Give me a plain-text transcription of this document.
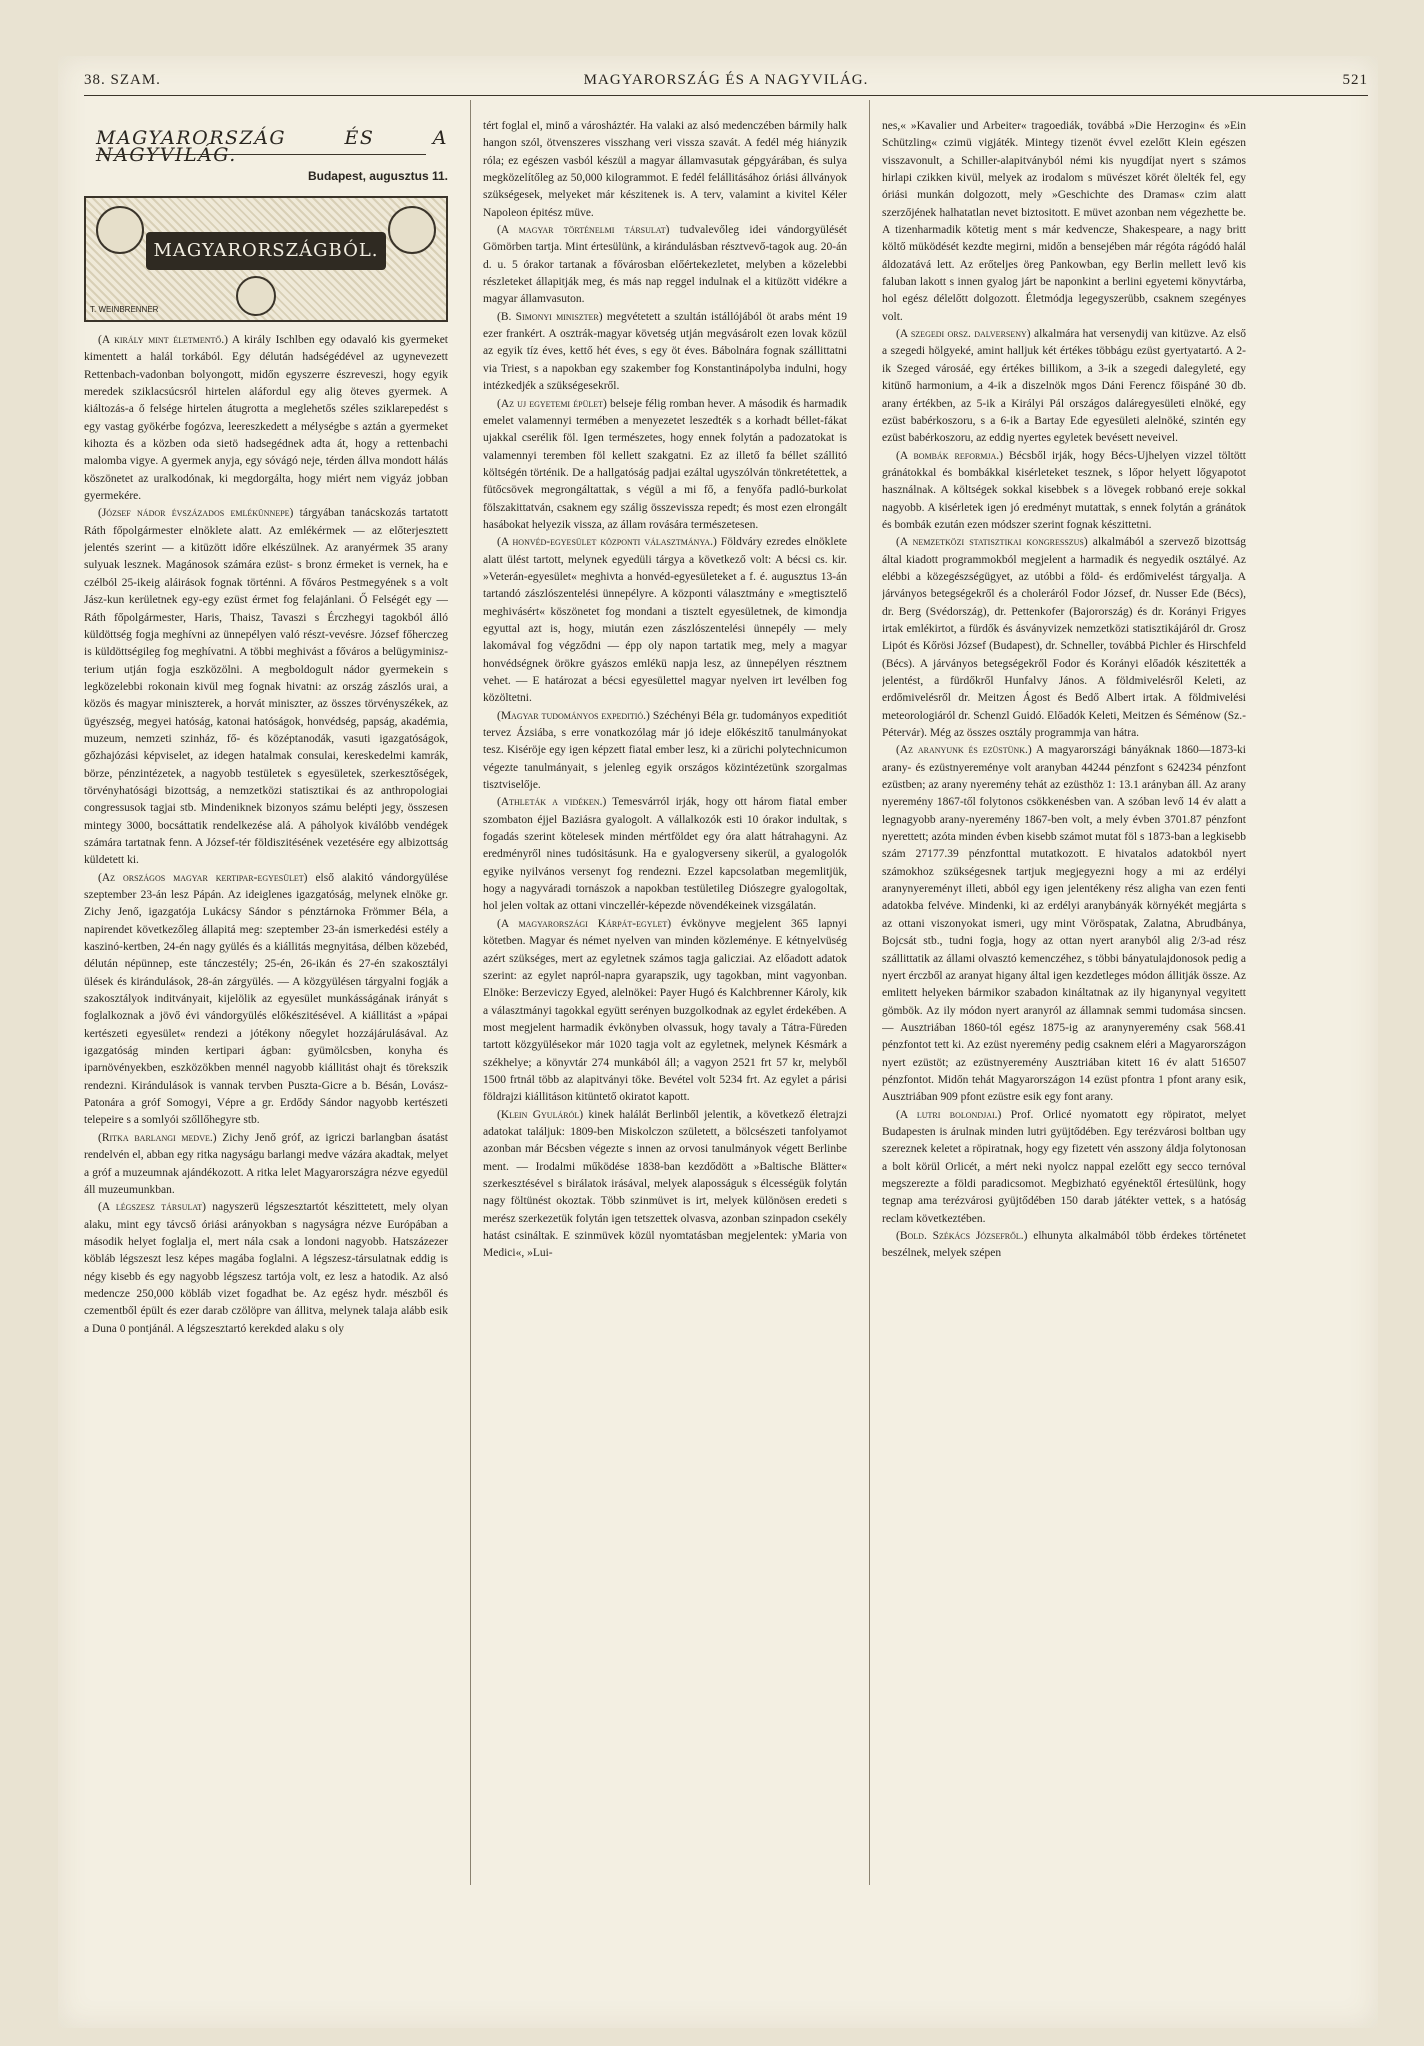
38. SZAM.	MAGYARORSZÁG ÉS A NAGYVILÁG.	521
MAGYARORSZÁG ÉS A NAGYVILÁG.
Budapest, augusztus 11.
MAGYARORSZÁGBÓL.
T. WEINBRENNER

(A király mint életmentő.) A király Ischlben egy odavaló kis gyermeket kimentett a halál torkából. Egy délután hadségédével az ugynevezett Rettenbach-vadonban bolyongott, midőn egyszerre észreveszi, hogy egyik meredek sziklacsúcsról hirtelen aláfordul egy alig öteves gyermek. A kiáltozás-a ő felsége hirtelen átugrotta a meglehetős széles sziklarepedést s egy vastag gyökérbe fogózva, leereszkedett a mélységbe s aztán a gyermeket kihozta és a közben oda sietö hadsegédnek adta át, hogy a rettenbachi malomba vigye. A gyermek anyja, egy sóvágó neje, térden állva mondott hálás köszönetet az uralkodónak, ki megdorgálta, hogy miért nem vigyáz jobban gyermekére.

(József nádor évszázados emlékünnepe) tárgyában tanácskozás tartatott Ráth főpolgármester elnöklete alatt. Az emlékérmek — az előterjesztett jelentés szerint — a kitüzött időre elkészülnek. Az aranyérmek 35 arany sulyuak lesznek. Magánosok számára ezüst- s bronz érmeket is vernek, ha e czélból 25-ikeig aláirások fognak történni. A főváros Pestmegyének s a volt Jász-kun kerületnek egy-egy ezüst érmet fog felajánlani. Ő Felségét egy — Ráth főpolgármester, Haris, Thaisz, Tavaszi s Érczhegyi tagokból álló küldöttség fogja meghívni az ünnepélyen való részt-vevésre. József főherczeg is küldöttségileg fog meghívatni. A többi meghivást a főváros a belügyminisz-terium utján fogja eszközölni. A megboldogult nádor gyermekein s legközelebbi rokonain kivül meg fognak hivatni: az ország zászlós urai, a közös és magyar miniszterek, a horvát miniszter, az összes törvényszékek, az ügyészség, megyei hatóság, katonai hatóságok, honvédség, papság, akadémia, muzeum, nemzeti szinház, fő- és középtanodák, vasuti igazgatóságok, gőzhajózási képviselet, az idegen hatalmak consulai, kereskedelmi kamrák, börze, pénzintézetek, a nagyobb testületek s egyesületek, szerkesztőségek, törvényhatósági bizottság, a nemzetközi statisztikai és az anthropologiai congressusok tagjai stb. Mindeniknek bizonyos számu belépti jegy, összesen mintegy 3000, bocsáttatik rendelkezése alá. A páholyok kiválóbb vendégek számára tartatnak fenn. A József-tér földiszitésének vezetésére egy albizottság küldetett ki.

(Az országos magyar kertipar-egyesület) első alakitó vándorgyülése szeptember 23-án lesz Pápán. Az ideiglenes igazgatóság, melynek elnöke gr. Zichy Jenő, igazgatója Lukácsy Sándor s pénztárnoka Frömmer Béla, a napirendet következőleg állapitá meg: szeptember 23-án ismerkedési estély a kaszinó-kertben, 24-én nagy gyülés és a kiállitás megnyitása, délben közebéd, délután népünnep, este tánczestély; 25-én, 26-ikán és 27-én szakosztályi ülések és kirándulások, 28-án zárgyülés. — A közgyülésen tárgyalni fogják a szakosztályok inditványait, kijelölik az egyesület munkásságának irányát s foglalkoznak a jövő évi vándorgyülés előkészitésével. A kiállitást a »pápai kertészeti egyesület« rendezi a jótékony nőegylet hozzájárulásával. Az igazgatóság minden kertipari ágban: gyümölcsben, konyha és iparnövényekben, eszközökben mennél nagyobb kiállitást ohajt és törekszik rendezni. Kirándulások is vannak tervben Puszta-Gicre a b. Bésán, Lovász-Patonára a gróf Somogyi, Vépre a gr. Erdődy Sándor nagyobb kertészeti telepeire s a somlyói szőllőhegyre stb.

(Ritka barlangi medve.) Zichy Jenő gróf, az igriczi barlangban ásatást rendelvén el, abban egy ritka nagyságu barlangi medve vázára akadtak, melyet a gróf a muzeumnak ajándékozott. A ritka lelet Magyarországra nézve egyedül áll muzeumunkban.

(A légszesz társulat) nagyszerü légszesztartót készittetett, mely olyan alaku, mint egy távcső óriási arányokban s nagyságra nézve Európában a második helyet foglalja el, mert nála csak a londoni nagyobb. Hatszázezer köbláb légszeszt lesz képes magába foglalni. A légszesz-társulatnak eddig is négy kisebb és egy nagyobb légszesz tartója volt, ez lesz a hatodik. Az alsó medencze 250,000 köbláb vizet fogadhat be. Az egész hydr. mészből és czementből épült és ezer darab czölöpre van állitva, melynek talaja alább esik a Duna 0 pontjánál. A légszesztartó kerekded alaku s oly

tért foglal el, minő a városháztér. Ha valaki az alsó medenczében bármily halk hangon szól, ötvenszeres visszhang veri vissza szavát. A fedél még hiányzik róla; ez egészen vasból készül a magyar államvasutak gépgyárában, és sulya megközelítőleg az 50,000 kilogrammot. E fedél felállitásához óriási állványok szükségesek, melyeket már készitenek is. A terv, valamint a kivitel Kéler Napoleon épitész müve.

(A magyar történelmi társulat) tudvalevőleg idei vándorgyülését Gömörben tartja. Mint értesülünk, a kirándulásban résztvevő-tagok aug. 20-án d. u. 5 órakor tartanak a fővárosban előértekezletet, melyben a közelebbi részleteket állapitják meg, és más nap reggel indulnak el a kitüzött vidékre a magyar államvasuton.

(B. Simonyi miniszter) megvétetett a szultán istállójából öt arabs mént 19 ezer frankért. A osztrák-magyar követség utján megvásárolt ezen lovak közül az egyik tíz éves, kettő hét éves, s egy öt éves. Bábolnára fognak szállittatni via Triest, s a napokban egy szakember fog Konstantinápolyba indulni, hogy intézkedjék a szükségesekről.

(Az uj egyetemi épület) belseje félig romban hever. A második és harmadik emelet valamennyi termében a menyezetet leszedték s a korhadt béllet-fákat ujakkal cserélik föl. Igen természetes, hogy ennek folytán a padozatokat is valamennyi teremben föl kellett szakgatni. Ez az illető fa béllet szállitó költségén történik. De a hallgatóság padjai ezáltal ugyszólván tönkretétettek, a fütőcsövek megrongáltattak, s végül a mi fő, a fenyőfa padló-burkolat fölszakittatván, csaknem egy szálig összevissza repedt; és most ezen elrongált hasábokat helyezik vissza, az állam rovására természetesen.

(A honvéd-egyesület központi választmánya.) Földváry ezredes elnöklete alatt ülést tartott, melynek egyedüli tárgya a következő volt: A bécsi cs. kir. »Veterán-egyesület« meghivta a honvéd-egyesületeket a f. é. augusztus 13-án tartandó zászlószentelési ünnepélyre. A központi választmány e »megtisztelő meghivásért« köszönetet fog mondani a tisztelt egyesületnek, de kimondja egyuttal azt is, hogy, miután ezen zászlószentelési ünnepély — mely lakomával fog végződni — épp oly napon tartatik meg, mely a magyar honvédségnek örökre gyászos emlékü napja lesz, az ünnepélyen résztnem vehet. — E határozat a bécsi egyesülettel magyar nyelven irt levélben fog közöltetni.

(Magyar tudományos expeditió.) Széchényi Béla gr. tudományos expeditiót tervez Ázsiába, s erre vonatkozólag már jó ideje előkészitő tanulmányokat tesz. Kiséröje egy igen képzett fiatal ember lesz, ki a zürichi polytechnicumon végezte tanulmányait, s jelenleg egyik országos közintézetünk szorgalmas tisztviselője.

(Athleták a vidéken.) Temesvárról irják, hogy ott három fiatal ember szombaton éjjel Baziásra gyalogolt. A vállalkozók esti 10 órakor indultak, s fogadás szerint kötelesek minden mértföldet egy óra alatt hátrahagyni. Az eredményről nines tudósitásunk. Ha e gyalogverseny sikerül, a gyalogolók egyike nyilvános versenyt fog rendezni. Ezzel kapcsolatban megemlitjük, hogy a nagyváradi tornászok a napokban testületileg Diószegre gyalogoltak, hol jelen voltak az ottani vinczellér-képezde növendékeinek vizsgálatán.

(A magyarországi Kárpát-egylet) évkönyve megjelent 365 lapnyi kötetben. Magyar és német nyelven van minden közleménye. E kétnyelvüség azért szükséges, mert az egyletnek számos tagja galicziai. Az előadott adatok szerint: az egylet napról-napra gyarapszik, ugy tagokban, mint vagyonban. Elnöke: Berzeviczy Egyed, alelnökei: Payer Hugó és Kalchbrenner Károly, kik a választmányi tagokkal együtt serényen buzgolkodnak az egylet érdekében. A most megjelent harmadik évkönyben olvassuk, hogy tavaly a Tátra-Füreden tartott közgyülésekor már 1020 tagja volt az egyletnek, melynek Késmárk a székhelye; a könyvtár 274 munkából áll; a vagyon 2521 frt 57 kr, melyből 1500 frtnál több az alapitványi töke. Bevétel volt 5234 frt. Az egylet a párisi földrajzi kiállitáson kitüntető okiratot kapott.

(Klein Gyuláról) kinek halálát Berlinből jelentik, a következő életrajzi adatokat találjuk: 1809-ben Miskolczon született, a bölcsészeti tanfolyamot azonban már Bécsben végezte s innen az orvosi tanulmányok végett Berlinbe ment. — Irodalmi működése 1838-ban kezdődött a »Baltische Blätter« szerkesztésével s birálatok irásával, melyek alaposságuk s élcességük folytán nagy föltünést okoztak. Több szinmüvet is irt, melyek különösen eredeti s merész szerkezetük folytán igen tetszettek olvasva, azonban szinpadon csekély hatást csináltak. E szinmüvek közül nyomtatásban megjelentek: yMaria von Medici«, »Lui-

nes,« »Kavalier und Arbeiter« tragoediák, továbbá »Die Herzogin« és »Ein Schützling« czimü vigjáték. Mintegy tizenöt évvel ezelőtt Klein egészen visszavonult, a Schiller-alapitványból némi kis nyugdíjat nyert s számos hirlapi czikken kivül, melyek az irodalom s müvészet körét ölelték fel, egy óriási munkán dolgozott, mely »Geschichte des Dramas« czim alatt szerzőjének halhatatlan nevet biztositott. E müvet azonban nem végezhette be. A tizenharmadik kötetig ment s már kedvencze, Shakespeare, a nagy britt költő müködését kezdte megirni, midőn a bensejében már régóta rágódó halál áldozatává lett. Az erőteljes öreg Pankowban, egy Berlin mellett levő kis faluban lakott s innen gyalog járt be naponkint a berlini egyetemi könyvtárba, hol egész délelőtt dolgozott. Életmódja legegyszerübb, csaknem szegényes volt.

(A szegedi orsz. dalverseny) alkalmára hat versenydij van kitüzve. Az első a szegedi hölgyeké, amint halljuk két értékes többágu ezüst gyertyatartó. A 2-ik Szeged városáé, egy értékes billikom, a 3-ik a szegedi dalegyleté, egy kitünő harmonium, a 4-ik a diszelnök mgos Dáni Ferencz főispáné 30 db. arany értékben, az 5-ik a Királyi Pál országos daláregyesületi elnöké, egy ezüst babérkoszoru, s a 6-ik a Bartay Ede egyesületi alelnöké, szintén egy ezüst babérkoszoru, az eddig nyertes egyletek bevésett neveivel.

(A bombák reformja.) Bécsből irják, hogy Bécs-Ujhelyen vizzel töltött gránátokkal és bombákkal kisérleteket tesznek, s lőpor helyett lőgyapotot használnak. A költségek sokkal kisebbek s a lövegek robbanó ereje sokkal nagyobb. A kisérletek igen jó eredményt mutattak, s ennek folytán a gránátok és bombák ezután ezen módszer szerint fognak készittetni.

(A nemzetközi statisztikai kongresszus) alkalmából a szervező bizottság által kiadott programmokból megjelent a harmadik és negyedik osztályé. Az elébbi a közegészségügyet, az utóbbi a föld- és erdőmivelést tárgyalja. A járványos betegségekről és a choleráról Fodor József, dr. Nusser Ede (Bécs), dr. Berg (Svédország), dr. Pettenkofer (Bajorország) és dr. Korányi Frigyes irtak emlékirtot, a fürdők és ásványvizek nemzetközi statisztikájáról dr. Grosz Lipót és Kőrösi József (Budapest), dr. Schneller, továbbá Pichler és Hirschfeld (Bécs). A járványos betegségekről Fodor és Korányi előadók készitették a jelentést, a fürdőkről Hunfalvy János. A földmivelésről Keleti, az erdőmivelésről dr. Meitzen Ágost és Bedő Albert irtak. A földmivelési meteorologiáról dr. Schenzl Guidó. Előadók Keleti, Meitzen és Séménow (Sz.-Pétervár). Még az összes osztály programmja van hátra.

(Az aranyunk és ezüstünk.) A magyarországi bányáknak 1860—1873-ki arany- és ezüstnyereménye volt aranyban 44244 pénzfont s 624234 pénzfont ezüstben; az arany nyeremény tehát az ezüsthöz 1: 13.1 arányban áll. Az arany nyeremény 1867-től folytonos csökkenésben van. A szóban levő 14 év alatt a legnagyobb arany-nyeremény 1867-ben volt, a mely évben 3701.87 pénzfont nyerettett; azóta minden évben kisebb számot mutat föl s 1873-ban a legkisebb szám 27177.39 pénzfonttal mutatkozott. E hivatalos adatokból nyert számokhoz szükségesnek tartjuk megjegyezni hogy a mi az erdélyi aranynyereményt illeti, abból egy igen jelentékeny rész aligha van ezen fenti adatokba felvéve. Mindenki, ki az erdélyi aranybányák környékét megjárta s az ottani viszonyokat ismeri, ugy mint Vöröspatak, Zalatna, Abrudbánya, Bojcsát stb., tudni fogja, hogy az ottan nyert aranyból alig 2/3-ad rész szállittatik az állami olvasztó kemenczéhez, s többi bányatulajdonosok pedig a nyert érczből az aranyat higany által igen kezdetleges módon állitják össze. Az emlitett helyeken bármikor szabadon kináltatnak az ily higanynyal vegyitett gömbök. Az ily módon nyert aranyról az államnak semmi tudomása sincsen. — Ausztriában 1860-tól egész 1875-ig az aranynyeremény csak 568.41 pénzfontot tett ki. Az ezüst nyeremény pedig csaknem eléri a Magyarországon nyert ezüstöt; az ezüstnyeremény Ausztriában kitett 16 év alatt 516507 pénzfontot. Midőn tehát Magyarországon 14 ezüst pfontra 1 pfont arany esik, Ausztriában 909 pfont ezüstre esik egy font arany.

(A lutri bolondjai.) Prof. Orlicé nyomatott egy röpiratot, melyet Budapesten is árulnak minden lutri gyüjtődében. Egy terézvárosi boltban ugy szereznek keletet a röpiratnak, hogy egy fizetett vén asszony áldja folytonosan a bolt körül Orlicét, a mért neki nyolcz nappal ezelőtt egy secco ternóval megszerezte a földi paradicsomot. Megbizható egyénektől értesülünk, hogy tegnap ama terézvárosi gyüjtődében 150 darab játékter vettek, s a hatóság reclam következtében.

(Bold. Székács Józsefről.) elhunyta alkalmából több érdekes történetet beszélnek, melyek szépen
